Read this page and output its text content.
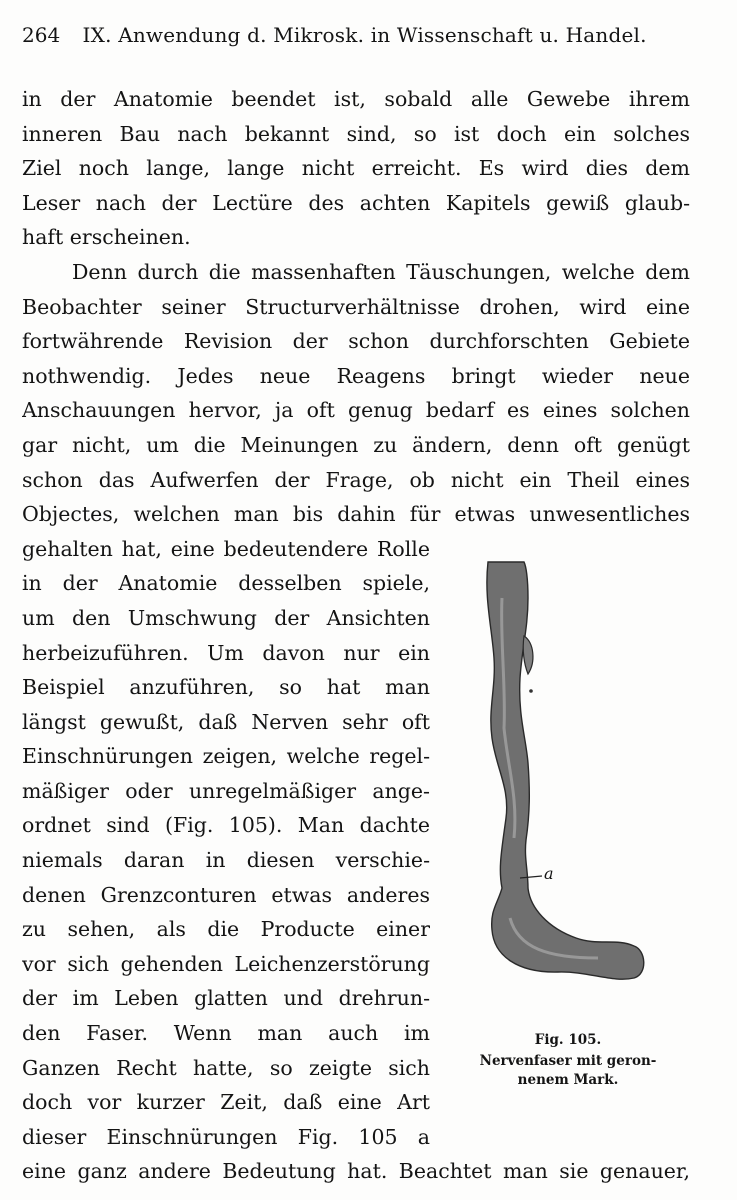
264 IX. Anwendung d. Mikrosk. in Wissenschaft u. Handel.
in der Anatomie beendet ist, sobald alle Gewebe ihrem
inneren Bau nach bekannt sind, so ist doch ein solches
Ziel noch lange, lange nicht erreicht. Es wird dies dem
Leser nach der Lectüre des achten Kapitels gewiß glaub-
haft erscheinen.
Denn durch die massenhaften Täuschungen, welche dem
Beobachter seiner Structurverhältnisse drohen, wird eine
fortwährende Revision der schon durchforschten Gebiete
nothwendig. Jedes neue Reagens bringt wieder neue
Anschauungen hervor, ja oft genug bedarf es eines solchen
gar nicht, um die Meinungen zu ändern, denn oft genügt
schon das Aufwerfen der Frage, ob nicht ein Theil eines
Objectes, welchen man bis dahin für etwas unwesentliches
gehalten hat, eine bedeutendere Rolle
in der Anatomie desselben spiele,
um den Umschwung der Ansichten
herbeizuführen. Um davon nur ein
Beispiel anzuführen, so hat man
längst gewußt, daß Nerven sehr oft
Einschnürungen zeigen, welche regel-
mäßiger oder unregelmäßiger ange-
ordnet sind (Fig. 105). Man dachte
niemals daran in diesen verschie-
denen Grenzconturen etwas anderes
zu sehen, als die Producte einer
vor sich gehenden Leichenzerstörung
der im Leben glatten und drehrun-
den Faser. Wenn man auch im
Ganzen Recht hatte, so zeigte sich
doch vor kurzer Zeit, daß eine Art
dieser Einschnürungen Fig. 105 a
eine ganz andere Bedeutung hat. Beachtet man sie genauer,
a
Fig. 105.
Nervenfaser mit geron-
nenem Mark.
